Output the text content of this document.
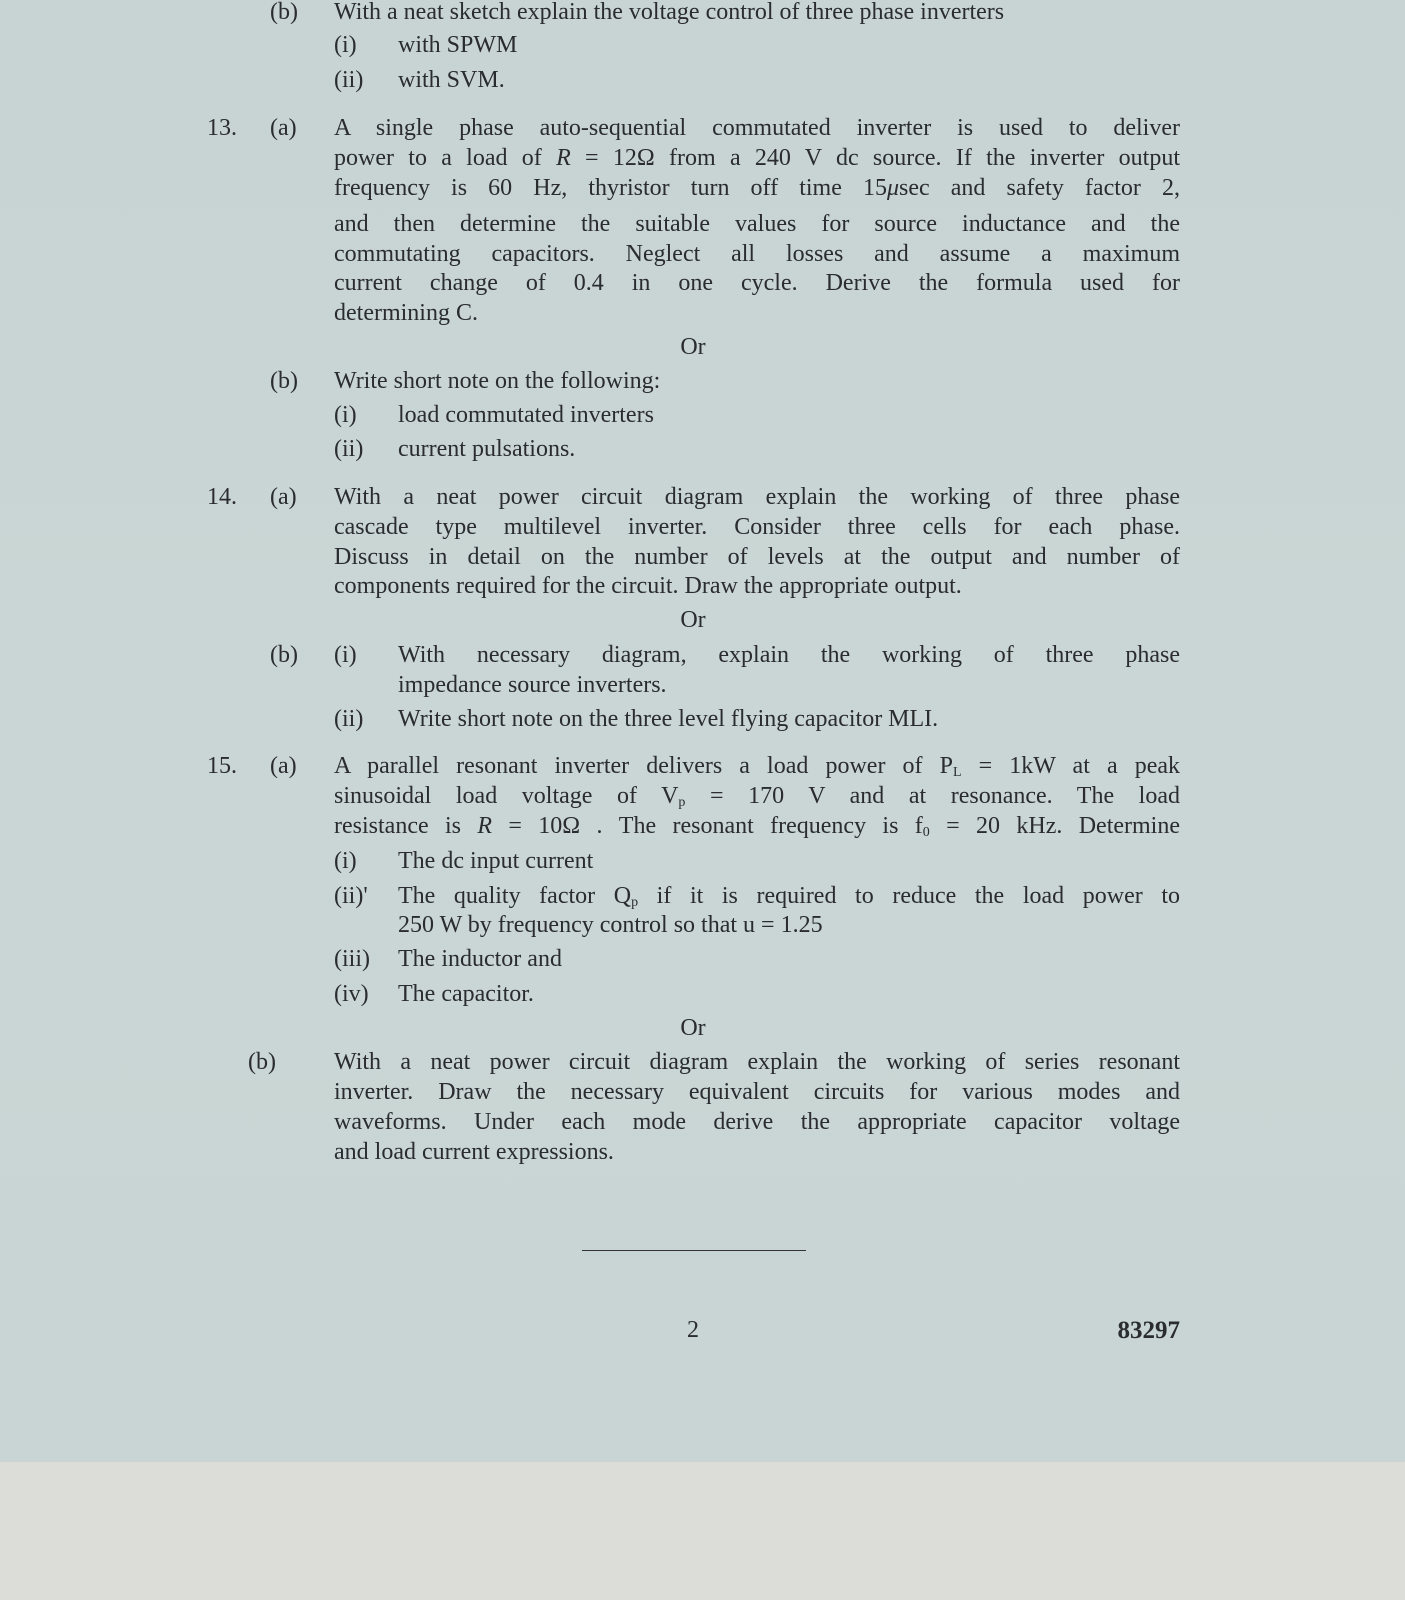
(b) With a neat sketch explain the voltage control of three phase inverters
(i) with SPWM
(ii) with SVM.
13. (a) A single phase auto-sequential commutated inverter is used to deliver
power to a load of R = 12Ω from a 240 V dc source. If the inverter output
frequency is 60 Hz, thyristor turn off time 15μsec and safety factor 2,
and then determine the suitable values for source inductance and the
commutating capacitors. Neglect all losses and assume a maximum
current change of 0.4 in one cycle. Derive the formula used for
determining C.
Or
(b) Write short note on the following:
(i) load commutated inverters
(ii) current pulsations.
14. (a) With a neat power circuit diagram explain the working of three phase
cascade type multilevel inverter. Consider three cells for each phase.
Discuss in detail on the number of levels at the output and number of
components required for the circuit. Draw the appropriate output.
Or
(b) (i) With necessary diagram, explain the working of three phase
impedance source inverters.
(ii) Write short note on the three level flying capacitor MLI.
15. (a) A parallel resonant inverter delivers a load power of $P_L = 1kW$ at a peak
sinusoidal load voltage of $V_p = 170$ V and at resonance. The load
resistance is R = 10Ω . The resonant frequency is $f_0 = 20$ kHz. Determine
(i) The dc input current
(ii)' The quality factor $Q_p$ if it is required to reduce the load power to
250 W by frequency control so that u = 1.25
(iii) The inductor and
(iv) The capacitor.
Or
(b) With a neat power circuit diagram explain the working of series resonant
inverter. Draw the necessary equivalent circuits for various modes and
waveforms. Under each mode derive the appropriate capacitor voltage
and load current expressions.
2	83297
